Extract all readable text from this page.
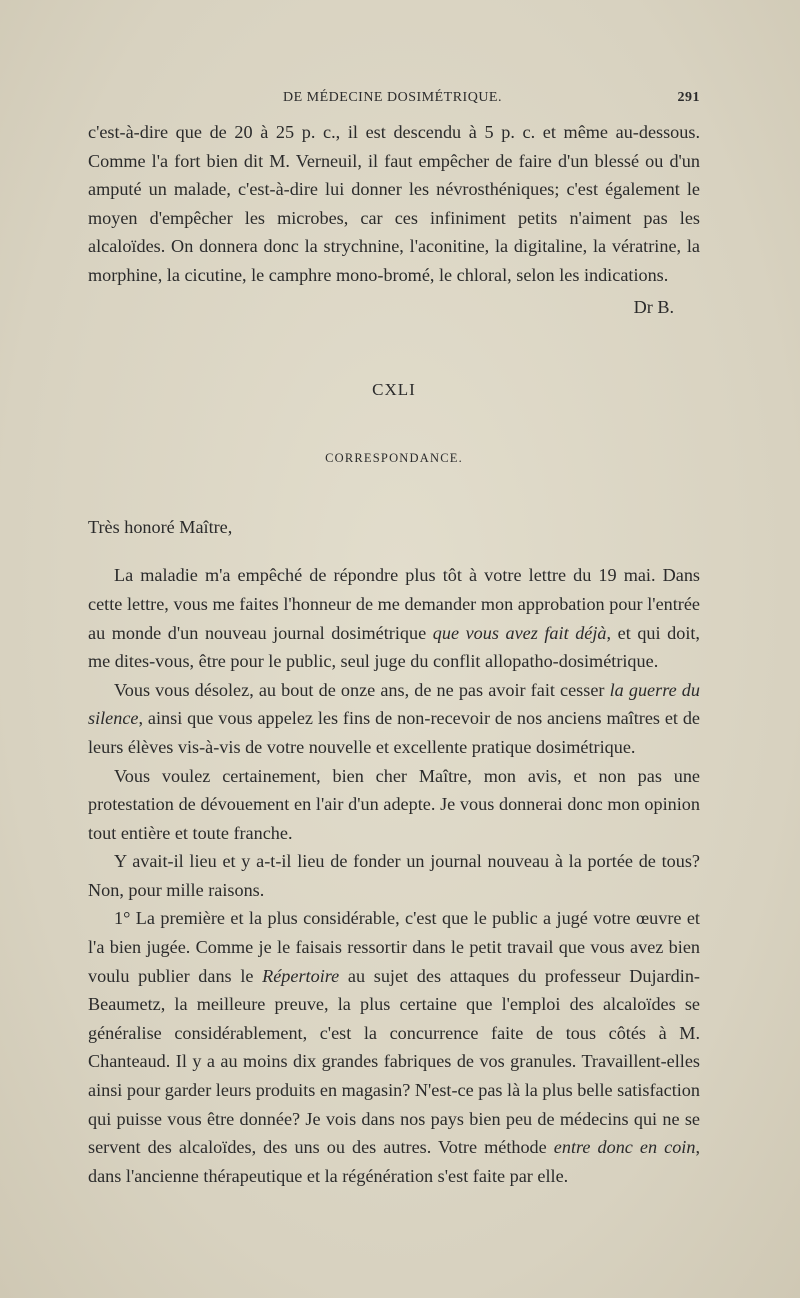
DE MÉDECINE DOSIMÉTRIQUE.	291

c'est-à-dire que de 20 à 25 p. c., il est descendu à 5 p. c. et même au-dessous. Comme l'a fort bien dit M. Verneuil, il faut empêcher de faire d'un blessé ou d'un amputé un malade, c'est-à-dire lui donner les névrosthéniques; c'est également le moyen d'empêcher les microbes, car ces infiniment petits n'aiment pas les alcaloïdes. On donnera donc la strychnine, l'aconitine, la digitaline, la vératrine, la morphine, la cicutine, le camphre mono-bromé, le chloral, selon les indications.

Dr B.

CXLI

CORRESPONDANCE.

Très honoré Maître,

La maladie m'a empêché de répondre plus tôt à votre lettre du 19 mai. Dans cette lettre, vous me faites l'honneur de me demander mon approbation pour l'entrée au monde d'un nouveau journal dosimétrique que vous avez fait déjà, et qui doit, me dites-vous, être pour le public, seul juge du conflit allopatho-dosimétrique.

Vous vous désolez, au bout de onze ans, de ne pas avoir fait cesser la guerre du silence, ainsi que vous appelez les fins de non-recevoir de nos anciens maîtres et de leurs élèves vis-à-vis de votre nouvelle et excellente pratique dosimétrique.

Vous voulez certainement, bien cher Maître, mon avis, et non pas une protestation de dévouement en l'air d'un adepte. Je vous donnerai donc mon opinion tout entière et toute franche.

Y avait-il lieu et y a-t-il lieu de fonder un journal nouveau à la portée de tous? Non, pour mille raisons.

1° La première et la plus considérable, c'est que le public a jugé votre œuvre et l'a bien jugée. Comme je le faisais ressortir dans le petit travail que vous avez bien voulu publier dans le Répertoire au sujet des attaques du professeur Dujardin-Beaumetz, la meilleure preuve, la plus certaine que l'emploi des alcaloïdes se généralise considérablement, c'est la concurrence faite de tous côtés à M. Chanteaud. Il y a au moins dix grandes fabriques de vos granules. Travaillent-elles ainsi pour garder leurs produits en magasin? N'est-ce pas là la plus belle satisfaction qui puisse vous être donnée? Je vois dans nos pays bien peu de médecins qui ne se servent des alcaloïdes, des uns ou des autres. Votre méthode entre donc en coin, dans l'ancienne thérapeutique et la régénération s'est faite par elle.
